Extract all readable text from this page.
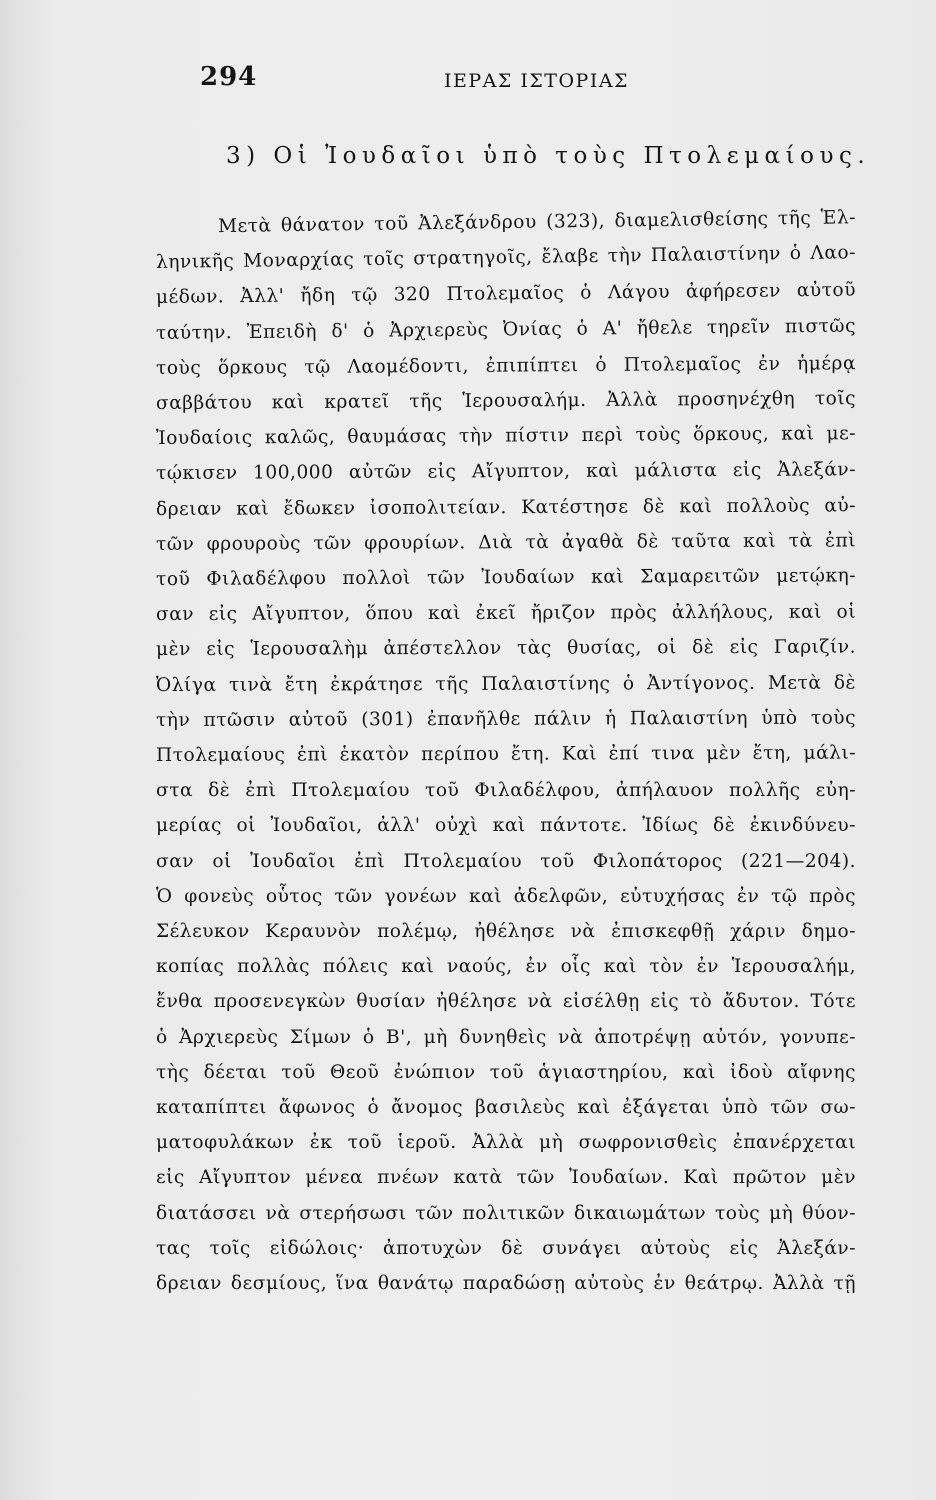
294	ΙΕΡΑΣ ΙΣΤΟΡΙΑΣ
3) Οἱ Ἰουδαῖοι ὑπὸ τοὺς Πτολεμαίους.
Μετὰ θάνατον τοῦ Ἀλεξάνδρου (323), διαμελισθείσης τῆς Ἑλ-
ληνικῆς Μοναρχίας τοῖς στρατηγοῖς, ἔλαβε τὴν Παλαιστίνην ὁ Λαο-
μέδων. Ἀλλ' ἤδη τῷ 320 Πτολεμαῖος ὁ Λάγου ἀφήρεσεν αὐτοῦ
ταύτην. Ἐπειδὴ δ' ὁ Ἀρχιερεὺς Ὀνίας ὁ Α' ἤθελε τηρεῖν πιστῶς
τοὺς ὅρκους τῷ Λαομέδοντι, ἐπιπίπτει ὁ Πτολεμαῖος ἐν ἡμέρᾳ
σαββάτου καὶ κρατεῖ τῆς Ἱερουσαλήμ. Ἀλλὰ προσηνέχθη τοῖς
Ἰουδαίοις καλῶς, θαυμάσας τὴν πίστιν περὶ τοὺς ὅρκους, καὶ με-
τῴκισεν 100,000 αὐτῶν εἰς Αἴγυπτον, καὶ μάλιστα εἰς Ἀλεξάν-
δρειαν καὶ ἔδωκεν ἰσοπολιτείαν. Κατέστησε δὲ καὶ πολλοὺς αὐ-
τῶν φρουροὺς τῶν φρουρίων. Διὰ τὰ ἀγαθὰ δὲ ταῦτα καὶ τὰ ἐπὶ
τοῦ Φιλαδέλφου πολλοὶ τῶν Ἰουδαίων καὶ Σαμαρειτῶν μετῴκη-
σαν εἰς Αἴγυπτον, ὅπου καὶ ἐκεῖ ἤριζον πρὸς ἀλλήλους, καὶ οἱ
μὲν εἰς Ἱερουσαλὴμ ἀπέστελλον τὰς θυσίας, οἱ δὲ εἰς Γαριζίν.
Ὀλίγα τινὰ ἔτη ἐκράτησε τῆς Παλαιστίνης ὁ Ἀντίγονος. Μετὰ δὲ
τὴν πτῶσιν αὐτοῦ (301) ἐπανῆλθε πάλιν ἡ Παλαιστίνη ὑπὸ τοὺς
Πτολεμαίους ἐπὶ ἑκατὸν περίπου ἔτη. Καὶ ἐπί τινα μὲν ἔτη, μάλι-
στα δὲ ἐπὶ Πτολεμαίου τοῦ Φιλαδέλφου, ἀπήλαυον πολλῆς εὐη-
μερίας οἱ Ἰουδαῖοι, ἀλλ' οὐχὶ καὶ πάντοτε. Ἰδίως δὲ ἐκινδύνευ-
σαν οἱ Ἰουδαῖοι ἐπὶ Πτολεμαίου τοῦ Φιλοπάτορος (221—204).
Ὁ φονεὺς οὗτος τῶν γονέων καὶ ἀδελφῶν, εὐτυχήσας ἐν τῷ πρὸς
Σέλευκον Κεραυνὸν πολέμῳ, ἠθέλησε νὰ ἐπισκεφθῇ χάριν δημο-
κοπίας πολλὰς πόλεις καὶ ναούς, ἐν οἷς καὶ τὸν ἐν Ἱερουσαλήμ,
ἔνθα προσενεγκὼν θυσίαν ἠθέλησε νὰ εἰσέλθῃ εἰς τὸ ἄδυτον. Τότε
ὁ Ἀρχιερεὺς Σίμων ὁ Β', μὴ δυνηθεὶς νὰ ἀποτρέψῃ αὐτόν, γονυπε-
τὴς δέεται τοῦ Θεοῦ ἐνώπιον τοῦ ἁγιαστηρίου, καὶ ἰδοὺ αἴφνης
καταπίπτει ἄφωνος ὁ ἄνομος βασιλεὺς καὶ ἐξάγεται ὑπὸ τῶν σω-
ματοφυλάκων ἐκ τοῦ ἱεροῦ. Ἀλλὰ μὴ σωφρονισθεὶς ἐπανέρχεται
εἰς Αἴγυπτον μένεα πνέων κατὰ τῶν Ἰουδαίων. Καὶ πρῶτον μὲν
διατάσσει νὰ στερήσωσι τῶν πολιτικῶν δικαιωμάτων τοὺς μὴ θύον-
τας τοῖς εἰδώλοις· ἀποτυχὼν δὲ συνάγει αὐτοὺς εἰς Ἀλεξάν-
δρειαν δεσμίους, ἵνα θανάτῳ παραδώσῃ αὐτοὺς ἐν θεάτρῳ. Ἀλλὰ τῇ
